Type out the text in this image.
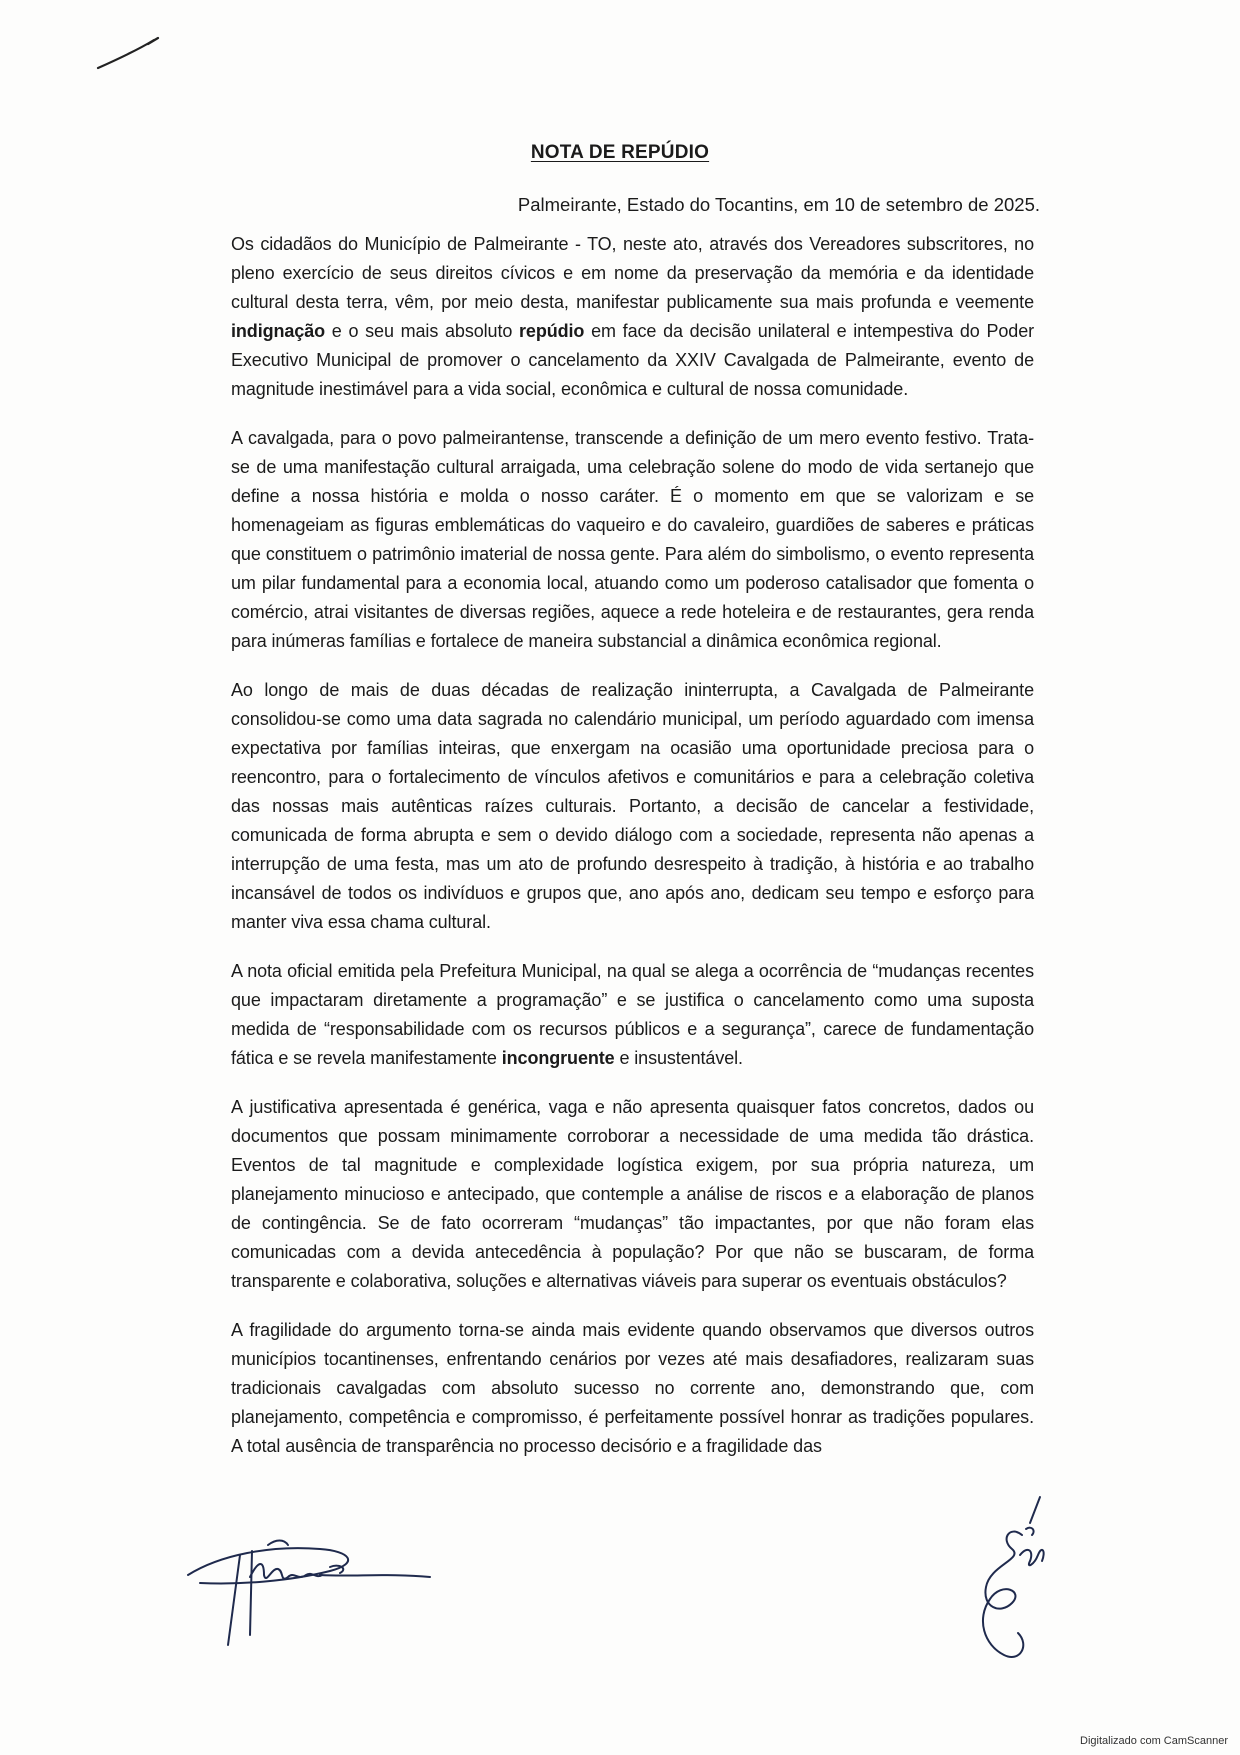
NOTA DE REPÚDIO
Palmeirante, Estado do Tocantins, em 10 de setembro de 2025.

Os cidadãos do Município de Palmeirante - TO, neste ato, através dos Vereadores subscritores, no pleno exercício de seus direitos cívicos e em nome da preservação da memória e da identidade cultural desta terra, vêm, por meio desta, manifestar publicamente sua mais profunda e veemente indignação e o seu mais absoluto repúdio em face da decisão unilateral e intempestiva do Poder Executivo Municipal de promover o cancelamento da XXIV Cavalgada de Palmeirante, evento de magnitude inestimável para a vida social, econômica e cultural de nossa comunidade.

A cavalgada, para o povo palmeirantense, transcende a definição de um mero evento festivo. Trata-se de uma manifestação cultural arraigada, uma celebração solene do modo de vida sertanejo que define a nossa história e molda o nosso caráter. É o momento em que se valorizam e se homenageiam as figuras emblemáticas do vaqueiro e do cavaleiro, guardiões de saberes e práticas que constituem o patrimônio imaterial de nossa gente. Para além do simbolismo, o evento representa um pilar fundamental para a economia local, atuando como um poderoso catalisador que fomenta o comércio, atrai visitantes de diversas regiões, aquece a rede hoteleira e de restaurantes, gera renda para inúmeras famílias e fortalece de maneira substancial a dinâmica econômica regional.

Ao longo de mais de duas décadas de realização ininterrupta, a Cavalgada de Palmeirante consolidou-se como uma data sagrada no calendário municipal, um período aguardado com imensa expectativa por famílias inteiras, que enxergam na ocasião uma oportunidade preciosa para o reencontro, para o fortalecimento de vínculos afetivos e comunitários e para a celebração coletiva das nossas mais autênticas raízes culturais. Portanto, a decisão de cancelar a festividade, comunicada de forma abrupta e sem o devido diálogo com a sociedade, representa não apenas a interrupção de uma festa, mas um ato de profundo desrespeito à tradição, à história e ao trabalho incansável de todos os indivíduos e grupos que, ano após ano, dedicam seu tempo e esforço para manter viva essa chama cultural.

A nota oficial emitida pela Prefeitura Municipal, na qual se alega a ocorrência de “mudanças recentes que impactaram diretamente a programação” e se justifica o cancelamento como uma suposta medida de “responsabilidade com os recursos públicos e a segurança”, carece de fundamentação fática e se revela manifestamente incongruente e insustentável.

A justificativa apresentada é genérica, vaga e não apresenta quaisquer fatos concretos, dados ou documentos que possam minimamente corroborar a necessidade de uma medida tão drástica. Eventos de tal magnitude e complexidade logística exigem, por sua própria natureza, um planejamento minucioso e antecipado, que contemple a análise de riscos e a elaboração de planos de contingência. Se de fato ocorreram “mudanças” tão impactantes, por que não foram elas comunicadas com a devida antecedência à população? Por que não se buscaram, de forma transparente e colaborativa, soluções e alternativas viáveis para superar os eventuais obstáculos?

A fragilidade do argumento torna-se ainda mais evidente quando observamos que diversos outros municípios tocantinenses, enfrentando cenários por vezes até mais desafiadores, realizaram suas tradicionais cavalgadas com absoluto sucesso no corrente ano, demonstrando que, com planejamento, competência e compromisso, é perfeitamente possível honrar as tradições populares. A total ausência de transparência no processo decisório e a fragilidade das

Digitalizado com CamScanner
